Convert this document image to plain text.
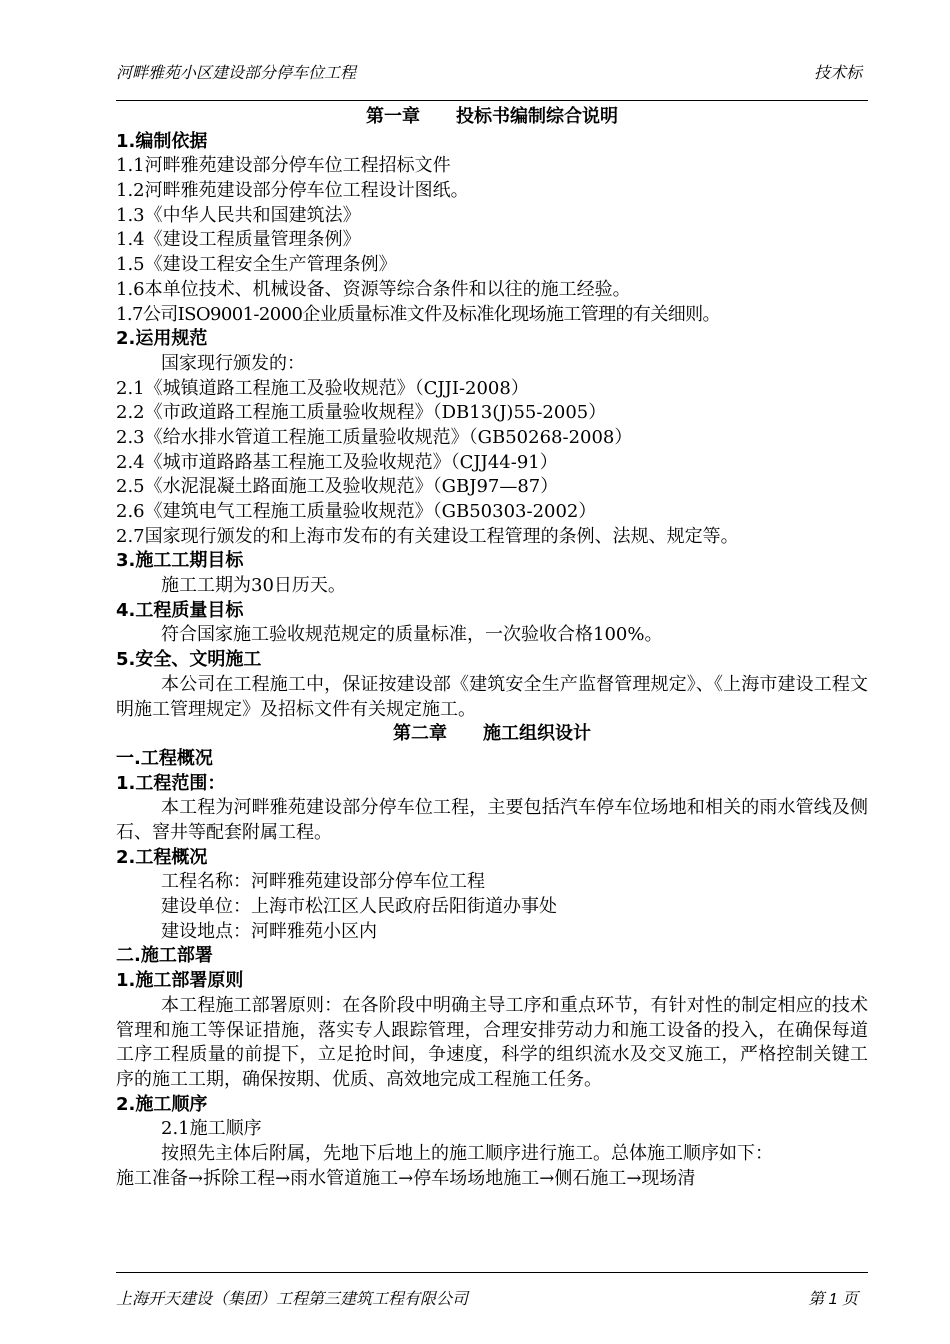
河畔雅苑小区建设部分停车位工程	技术标
第一章　　投标书编制综合说明
1.编制依据
1.1河畔雅苑建设部分停车位工程招标文件
1.2河畔雅苑建设部分停车位工程设计图纸。
1.3《中华人民共和国建筑法》
1.4《建设工程质量管理条例》
1.5《建设工程安全生产管理条例》
1.6本单位技术、机械设备、资源等综合条件和以往的施工经验。
1.7公司ISO9001-2000企业质量标准文件及标准化现场施工管理的有关细则。
2.运用规范
国家现行颁发的：
2.1《城镇道路工程施工及验收规范》（CJJI-2008）
2.2《市政道路工程施工质量验收规程》（DB13(J)55-2005）
2.3《给水排水管道工程施工质量验收规范》（GB50268-2008）
2.4《城市道路路基工程施工及验收规范》（CJJ44-91）
2.5《水泥混凝土路面施工及验收规范》（GBJ97—87）
2.6《建筑电气工程施工质量验收规范》（GB50303-2002）
2.7国家现行颁发的和上海市发布的有关建设工程管理的条例、法规、规定等。
3.施工工期目标
施工工期为30日历天。
4.工程质量目标
符合国家施工验收规范规定的质量标准，一次验收合格100%。
5.安全、文明施工
本公司在工程施工中，保证按建设部《建筑安全生产监督管理规定》、《上海市建设工程文明施工管理规定》及招标文件有关规定施工。
第二章　　施工组织设计
一.工程概况
1.工程范围：
本工程为河畔雅苑建设部分停车位工程，主要包括汽车停车位场地和相关的雨水管线及侧石、窨井等配套附属工程。
2.工程概况
工程名称：河畔雅苑建设部分停车位工程
建设单位：上海市松江区人民政府岳阳街道办事处
建设地点：河畔雅苑小区内
二.施工部署
1.施工部署原则
本工程施工部署原则：在各阶段中明确主导工序和重点环节，有针对性的制定相应的技术管理和施工等保证措施，落实专人跟踪管理，合理安排劳动力和施工设备的投入，在确保每道工序工程质量的前提下，立足抢时间，争速度，科学的组织流水及交叉施工，严格控制关键工序的施工工期，确保按期、优质、高效地完成工程施工任务。
2.施工顺序
2.1施工顺序
按照先主体后附属，先地下后地上的施工顺序进行施工。总体施工顺序如下：
施工准备→拆除工程→雨水管道施工→停车场场地施工→侧石施工→现场清
上海开天建设（集团）工程第三建筑工程有限公司	第 1 页
